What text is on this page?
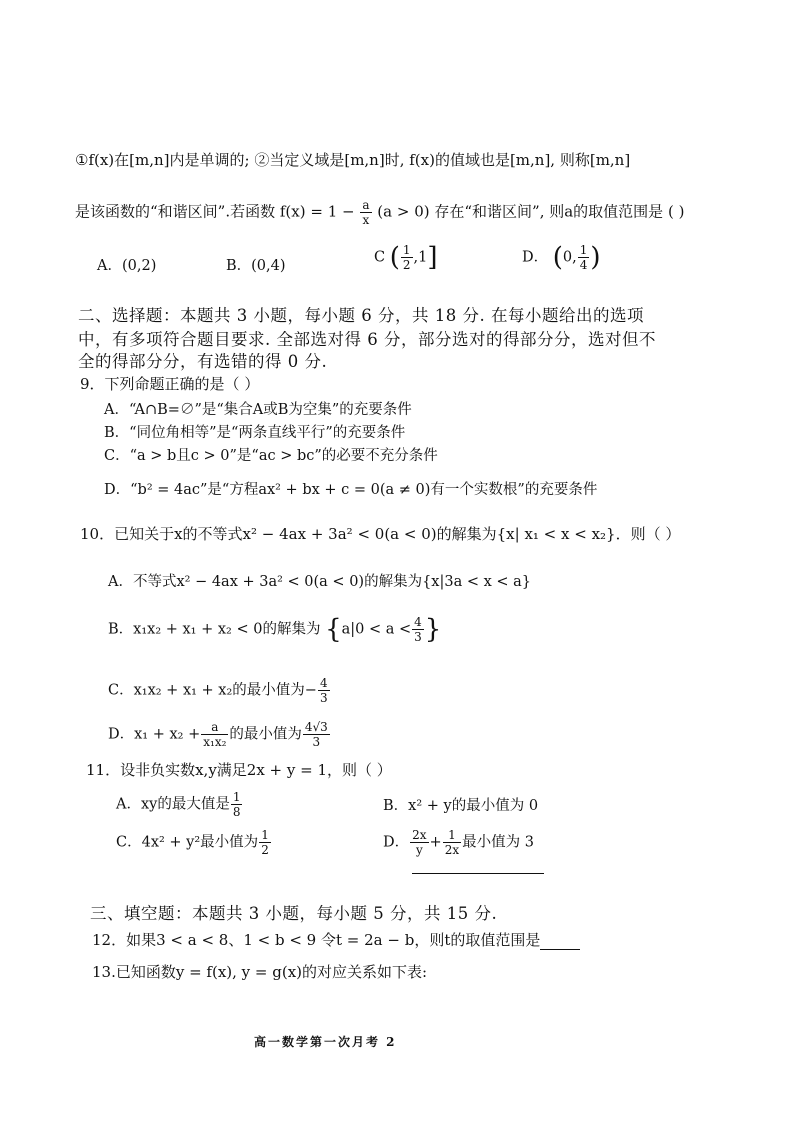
①f(x)在[m,n]内是单调的; ②当定义域是[m,n]时, f(x)的值域也是[m,n], 则称[m,n]
是该函数的“和谐区间”.若函数 $f(x) = 1 - \frac{a}{x} (a > 0)$ 存在“和谐区间”, 则a的取值范围是 ( )
A．(0,2)	B．(0,4)
C ( $\frac{1}{2} ,1$]	D． (0, $\frac{1}{4}$ )
二、选择题：本题共 3 小题，每小题 6 分，共 18 分. 在每小题给出的选项
中，有多项符合题目要求. 全部选对得 6 分，部分选对的得部分分，选对但不
全的得部分分，有选错的得 0 分.
9．下列命题正确的是（ ）
A．“A∩B=∅”是“集合A或B为空集”的充要条件
B．“同位角相等”是“两条直线平行”的充要条件
C．“a > b且c > 0”是“ac > bc”的必要不充分条件
D．“b² = 4ac”是“方程ax² + bx + c = 0(a ≠ 0)有一个实数根”的充要条件
10．已知关于x的不等式x² − 4ax + 3a² < 0(a < 0)的解集为{x| x₁ < x < x₂}．则（ ）
A．不等式x² − 4ax + 3a² < 0(a < 0)的解集为{x|3a < x < a}
B．x₁x₂ + x₁ + x₂ < 0的解集为 {$a|0 < a < \frac{4}{3}$ }
C．x₁x₂ + x₁ + x₂的最小值为− $\frac{4}{3}$
D．$x_1 + x_2 + \frac{a}{\text{x₁x₂}}$ 的最小值为 $\frac{4√3}{3}$
11．设非负实数x,y满足2x + y = 1，则（ ）
A．xy的最大值是 $\frac{1}{8}$	B．x² + y的最小值为 0
C．4x² + y²最小值为 $\frac{1}{2}$	D． $\frac{2x}{y} + \frac{1}{2x}$ 最小值为 3
三、填空题：本题共 3 小题，每小题 5 分，共 15 分.
12．如果3 < a < 8、1 < b < 9 令t = 2a − b，则t的取值范围是
13.已知函数y = f(x), y = g(x)的对应关系如下表:
高一数学第一次月考 2
